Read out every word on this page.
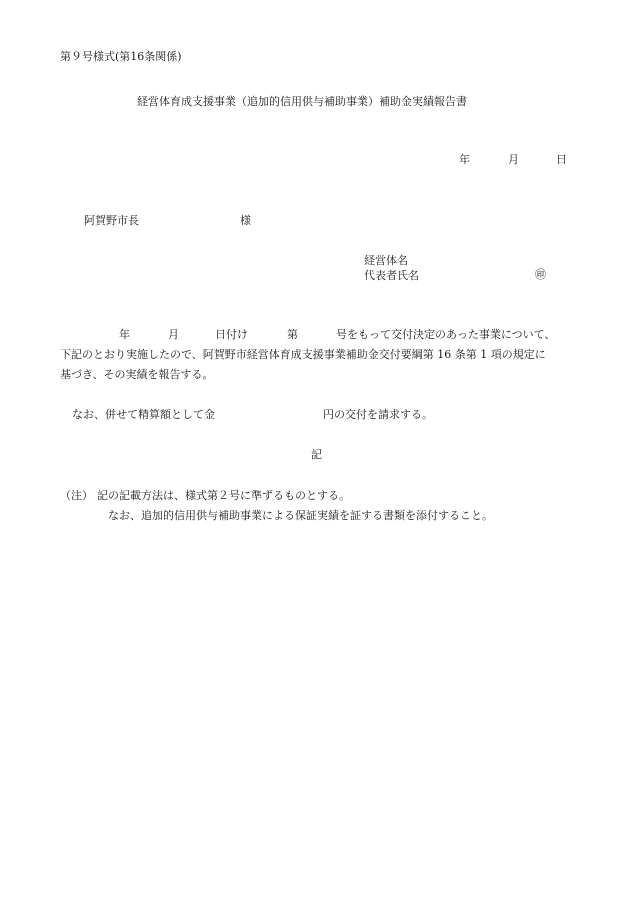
第９号様式(第16条関係)
経営体育成支援事業（追加的信用供与補助事業）補助金実績報告書
年	月	日
阿賀野市長	様
経営体名
代表者氏名	㊞
年	月	日付け	第	号をもって交付決定のあった事業について、
下記のとおり実施したので、阿賀野市経営体育成支援事業補助金交付要綱第 16 条第 1 項の規定に
基づき、その実績を報告する。
なお、併せて精算額として金	円の交付を請求する。
記
（注） 記の記載方法は、様式第２号に準ずるものとする。
なお、追加的信用供与補助事業による保証実績を証する書類を添付すること。
